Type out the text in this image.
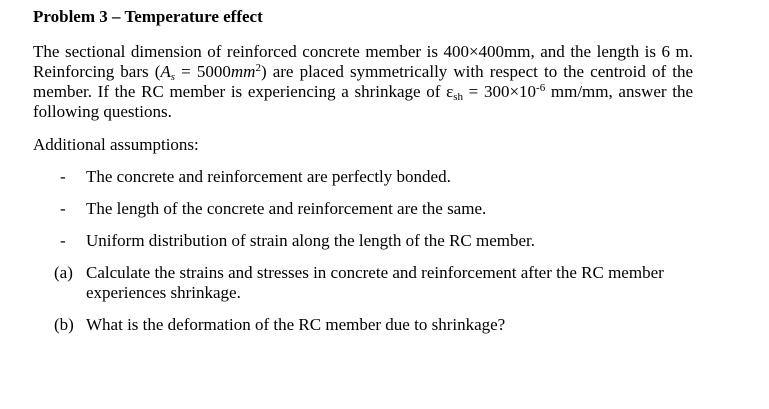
Problem 3 – Temperature effect

The sectional dimension of reinforced concrete member is 400×400mm, and the length is 6 m. Reinforcing bars $(A_s = 5000mm^2)$ are placed symmetrically with respect to the centroid of the member. If the RC member is experiencing a shrinkage of $\varepsilon_{sh} = 300\times 10^{-6}$ mm/mm, answer the following questions.

Additional assumptions:
- The concrete and reinforcement are perfectly bonded.
- The length of the concrete and reinforcement are the same.
- Uniform distribution of strain along the length of the RC member.
(a) Calculate the strains and stresses in concrete and reinforcement after the RC member experiences shrinkage.
(b) What is the deformation of the RC member due to shrinkage?
